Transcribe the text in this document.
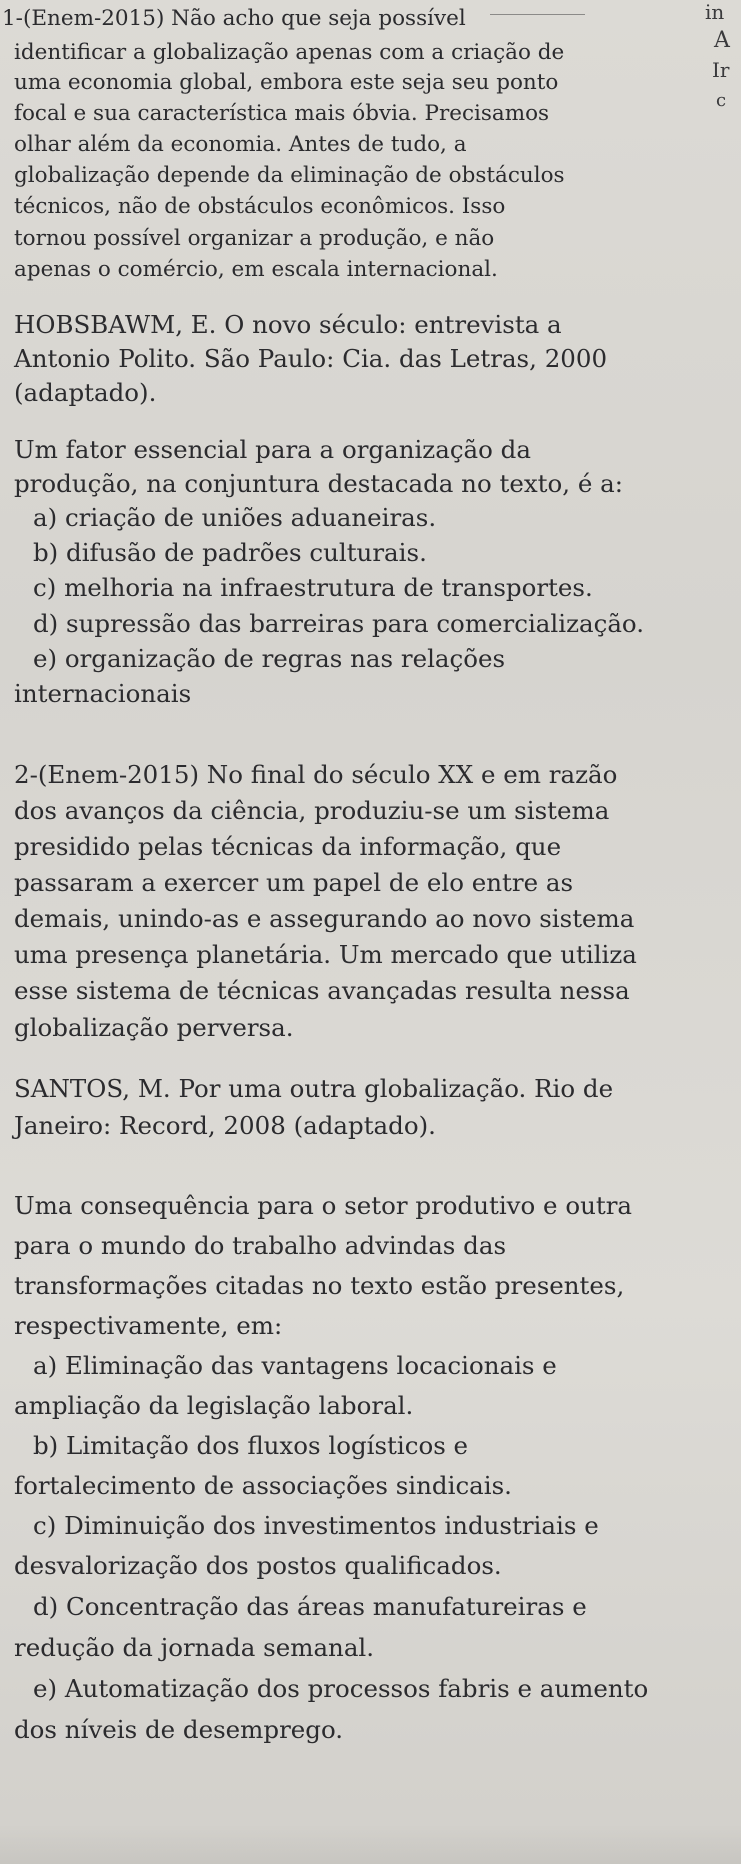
in
A
Ir
c
1-(Enem-2015) Não acho que seja possível
identificar a globalização apenas com a criação de
uma economia global, embora este seja seu ponto
focal e sua característica mais óbvia. Precisamos
olhar além da economia. Antes de tudo, a
globalização depende da eliminação de obstáculos
técnicos, não de obstáculos econômicos. Isso
tornou possível organizar a produção, e não
apenas o comércio, em escala internacional.
HOBSBAWM, E. O novo século: entrevista a
Antonio Polito. São Paulo: Cia. das Letras, 2000
(adaptado).
Um fator essencial para a organização da
produção, na conjuntura destacada no texto, é a:
a) criação de uniões aduaneiras.
b) difusão de padrões culturais.
c) melhoria na infraestrutura de transportes.
d) supressão das barreiras para comercialização.
e) organização de regras nas relações
internacionais
2-(Enem-2015) No final do século XX e em razão
dos avanços da ciência, produziu-se um sistema
presidido pelas técnicas da informação, que
passaram a exercer um papel de elo entre as
demais, unindo-as e assegurando ao novo sistema
uma presença planetária. Um mercado que utiliza
esse sistema de técnicas avançadas resulta nessa
globalização perversa.
SANTOS, M. Por uma outra globalização. Rio de
Janeiro: Record, 2008 (adaptado).
Uma consequência para o setor produtivo e outra
para o mundo do trabalho advindas das
transformações citadas no texto estão presentes,
respectivamente, em:
a) Eliminação das vantagens locacionais e
ampliação da legislação laboral.
b) Limitação dos fluxos logísticos e
fortalecimento de associações sindicais.
c) Diminuição dos investimentos industriais e
desvalorização dos postos qualificados.
d) Concentração das áreas manufatureiras e
redução da jornada semanal.
e) Automatização dos processos fabris e aumento
dos níveis de desemprego.
